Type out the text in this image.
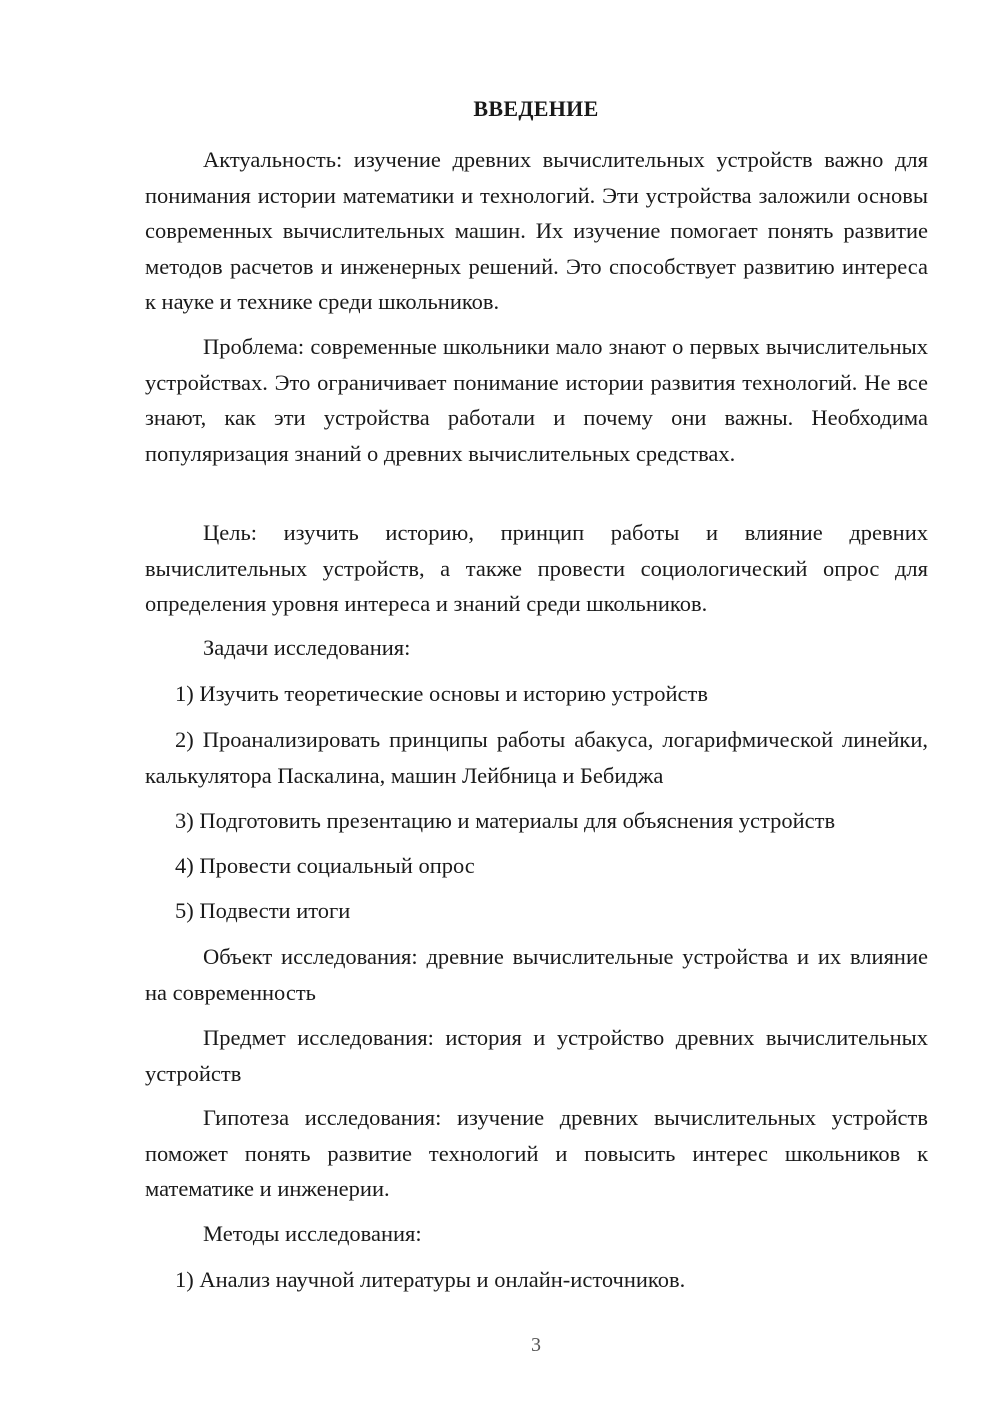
ВВЕДЕНИЕ

Актуальность: изучение древних вычислительных устройств важно для понимания истории математики и технологий. Эти устройства заложили основы современных вычислительных машин. Их изучение помогает понять развитие методов расчетов и инженерных решений. Это способствует развитию интереса к науке и технике среди школьников.

Проблема: современные школьники мало знают о первых вычислительных устройствах. Это ограничивает понимание истории развития технологий. Не все знают, как эти устройства работали и почему они важны. Необходима популяризация знаний о древних вычислительных средствах.

Цель: изучить историю, принцип работы и влияние древних вычислительных устройств, а также провести социологический опрос для определения уровня интереса и знаний среди школьников.

Задачи исследования:

1) Изучить теоретические основы и историю устройств

2) Проанализировать принципы работы абакуса, логарифмической линейки, калькулятора Паскалина, машин Лейбница и Бебиджа

3) Подготовить презентацию и материалы для объяснения устройств

4) Провести социальный опрос

5) Подвести итоги

Объект исследования: древние вычислительные устройства и их влияние на современность

Предмет исследования: история и устройство древних вычислительных устройств

Гипотеза исследования: изучение древних вычислительных устройств поможет понять развитие технологий и повысить интерес школьников к математике и инженерии.

Методы исследования:

1) Анализ научной литературы и онлайн-источников.

3
